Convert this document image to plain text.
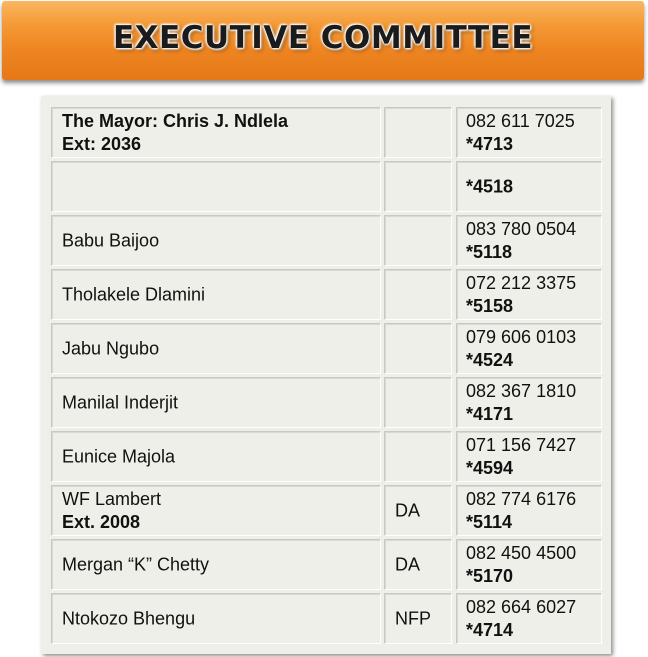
EXECUTIVE COMMITTEE
The Mayor: Chris J. Ndlela
Ext: 2036
082 611 7025
*4713
*4518
Babu Baijoo
083 780 0504
*5118
Tholakele Dlamini
072 212 3375
*5158
Jabu Ngubo
079 606 0103
*4524
Manilal Inderjit
082 367 1810
*4171
Eunice Majola
071 156 7427
*4594
WF Lambert
Ext. 2008
DA
082 774 6176
*5114
Mergan “K” Chetty	DA
082 450 4500
*5170
Ntokozo Bhengu	NFP
082 664 6027
*4714
